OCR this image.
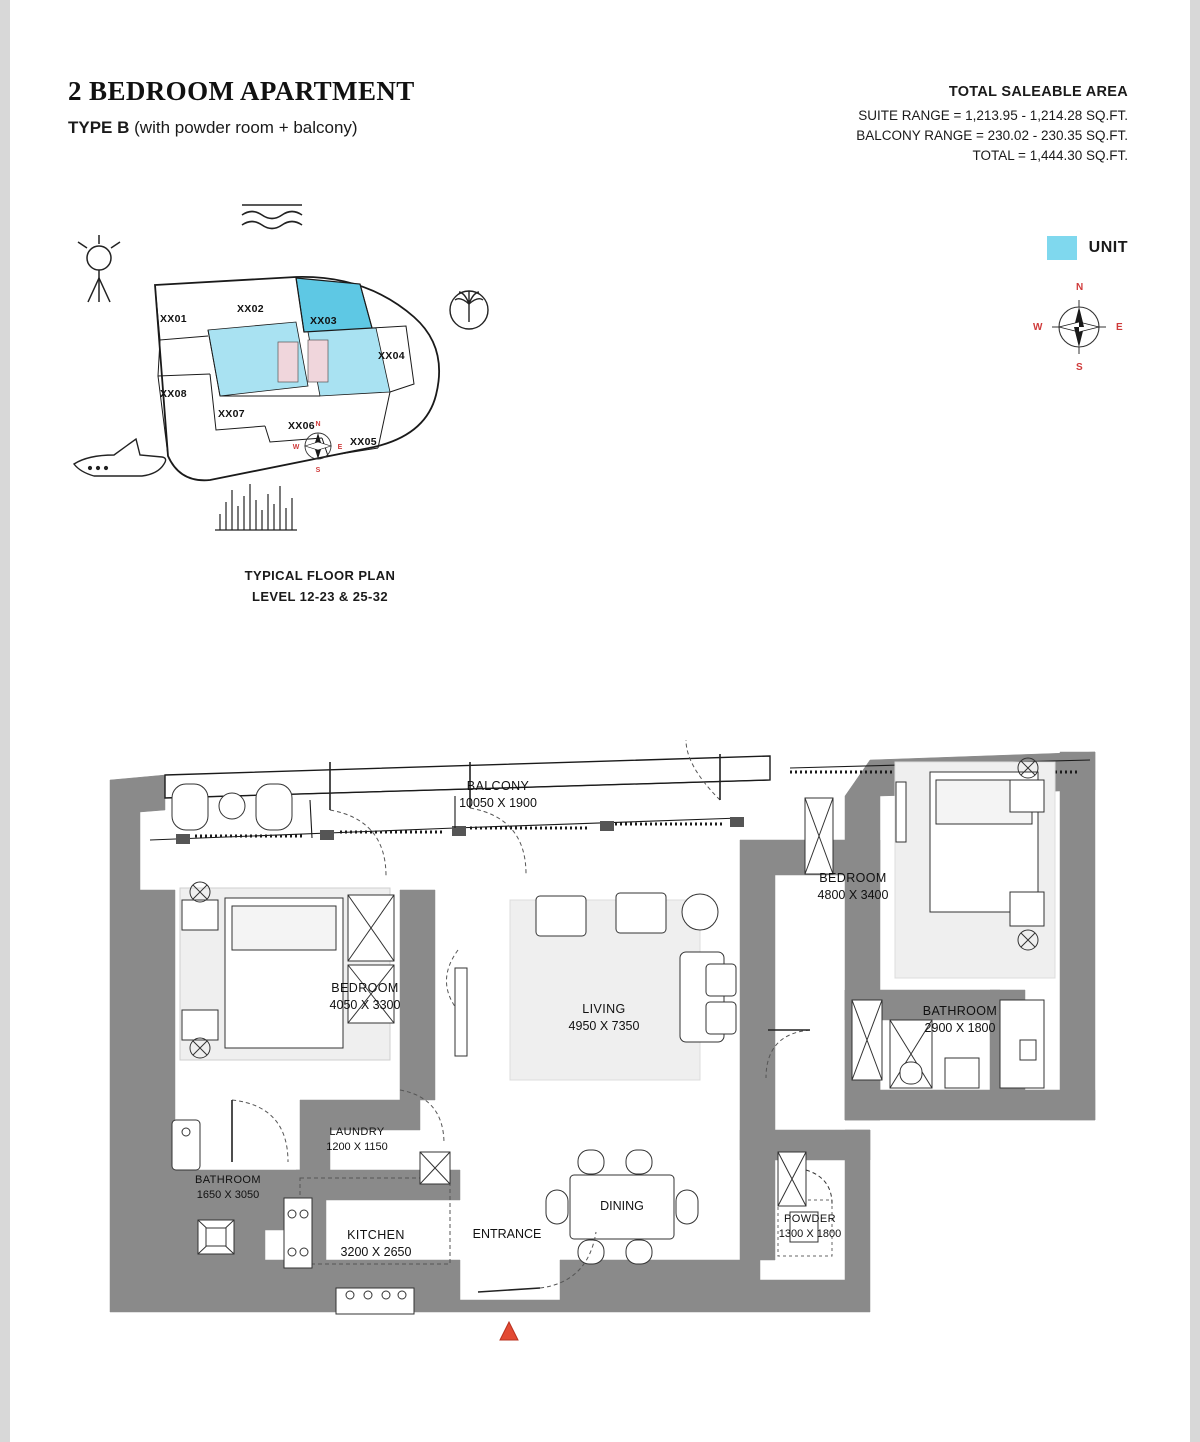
2 BEDROOM APARTMENT
TYPE B (with powder room + balcony)
TOTAL SALEABLE AREA
SUITE RANGE = 1,213.95 - 1,214.28 SQ.FT.
BALCONY RANGE = 230.02 - 230.35 SQ.FT.
TOTAL = 1,444.30 SQ.FT.
UNIT
N
E
S
W
N
E
S
W
XX01
XX02
XX03
XX04
XX05
XX06
XX07
XX08
TYPICAL FLOOR PLAN
LEVEL 12-23 & 25-32
BALCONY
10050 X 1900
BEDROOM
4800 X 3400
BEDROOM
4050 X 3300	LIVING
4950 X 7350
BATHROOM
2900 X 1800
LAUNDRY
1200 X 1150
BATHROOM
1650 X 3050
POWDER
1300 X 1800
KITCHEN
3200 X 2650
DINING
ENTRANCE
